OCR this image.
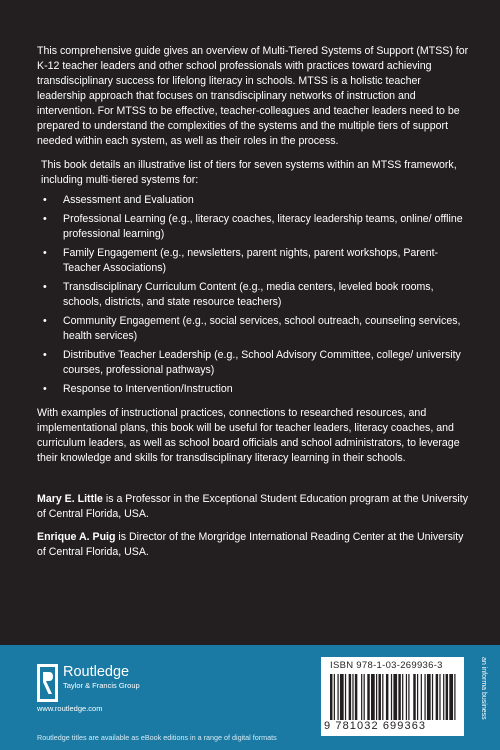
This comprehensive guide gives an overview of Multi-Tiered Systems of Support (MTSS) for K-12 teacher leaders and other school professionals with practices toward achieving transdisciplinary success for lifelong literacy in schools. MTSS is a holistic teacher leadership approach that focuses on transdisciplinary networks of instruction and intervention. For MTSS to be effective, teacher-colleagues and teacher leaders need to be prepared to understand the complexities of the systems and the multiple tiers of support needed within each system, as well as their roles in the process.

This book details an illustrative list of tiers for seven systems within an MTSS framework, including multi-tiered systems for:

• Assessment and Evaluation
• Professional Learning (e.g., literacy coaches, literacy leadership teams, online/ offline professional learning)
• Family Engagement (e.g., newsletters, parent nights, parent workshops, Parent-Teacher Associations)
• Transdisciplinary Curriculum Content (e.g., media centers, leveled book rooms, schools, districts, and state resource teachers)
• Community Engagement (e.g., social services, school outreach, counseling services, health services)
• Distributive Teacher Leadership (e.g., School Advisory Committee, college/ university courses, professional pathways)
• Response to Intervention/Instruction

With examples of instructional practices, connections to researched resources, and implementational plans, this book will be useful for teacher leaders, literacy coaches, and curriculum leaders, as well as school board officials and school administrators, to leverage their knowledge and skills for transdisciplinary literacy learning in their schools.

Mary E. Little is a Professor in the Exceptional Student Education program at the University of Central Florida, USA.

Enrique A. Puig is Director of the Morgridge International Reading Center at the University of Central Florida, USA.

Routledge
Taylor & Francis Group
www.routledge.com
Routledge titles are available as eBook editions in a range of digital formats
ISBN 978-1-03-269936-3
9 781032 699363
an informa business
